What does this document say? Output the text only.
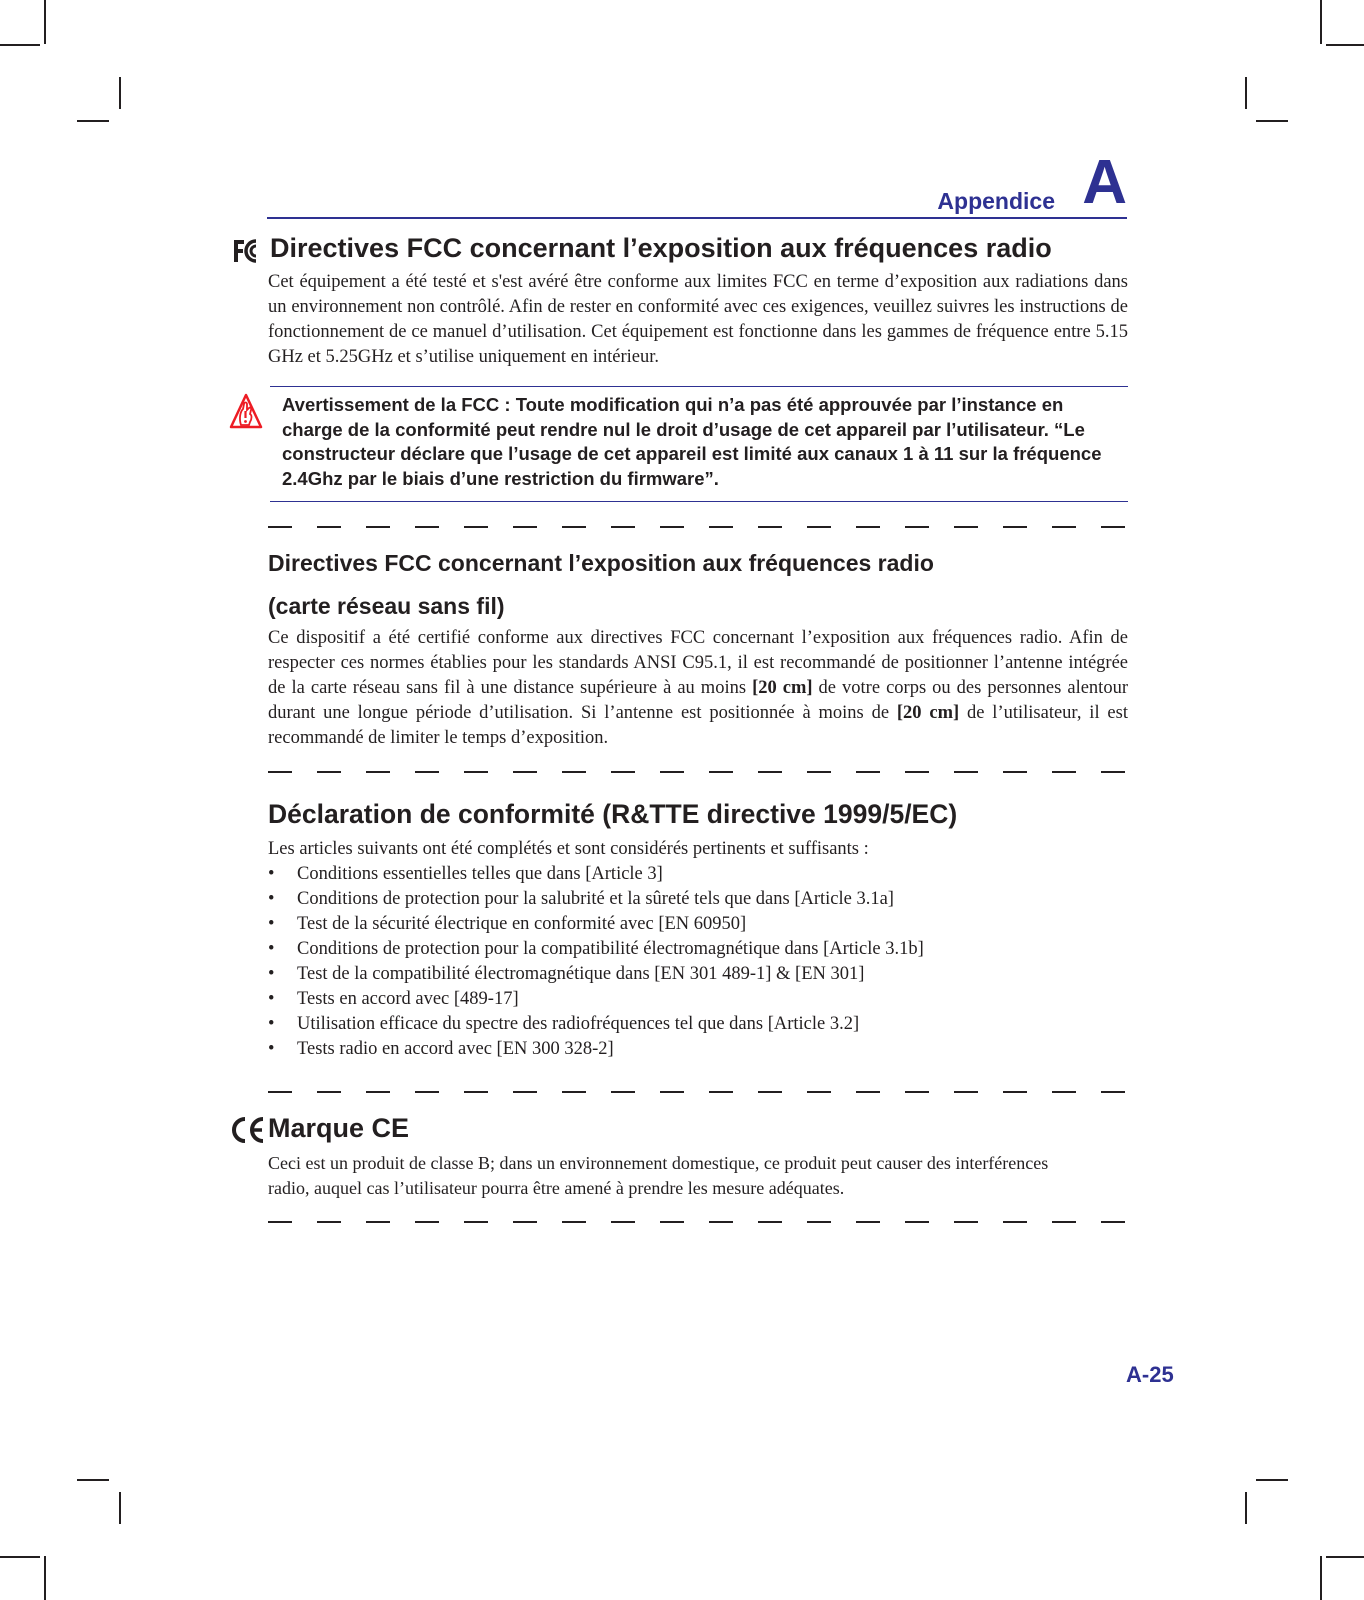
Appendice A
Directives FCC concernant l’exposition aux fréquences radio

Cet équipement a été testé et s'est avéré être conforme aux limites FCC en terme d’exposition aux radiations dans un environnement non contrôlé. Afin de rester en conformité avec ces exigences, veuillez suivres les instructions de fonctionnement de ce manuel d’utilisation. Cet équipement est fonctionne dans les gammes de fréquence entre 5.15 GHz et 5.25GHz et s’utilise uniquement en intérieur.

Avertissement de la FCC : Toute modification qui n’a pas été approuvée par l’instance en charge de la conformité peut rendre nul le droit d’usage de cet appareil par l’utilisateur. “Le constructeur déclare que l’usage de cet appareil est limité aux canaux 1 à 11 sur la fréquence 2.4Ghz par le biais d’une restriction du firmware”.

Directives FCC concernant l’exposition aux fréquences radio
(carte réseau sans fil)

Ce dispositif a été certifié conforme aux directives FCC concernant l’exposition aux fréquences radio. Afin de respecter ces normes établies pour les standards ANSI C95.1, il est recommandé de positionner l’antenne intégrée de la carte réseau sans fil à une distance supérieure à au moins [20 cm] de votre corps ou des personnes alentour durant une longue période d’utilisation. Si l’antenne est positionnée à moins de [20 cm] de l’utilisateur, il est recommandé de limiter le temps d’exposition.

Déclaration de conformité (R&TTE directive 1999/5/EC)

Les articles suivants ont été complétés et sont considérés pertinents et suffisants :

• Conditions essentielles telles que dans [Article 3]
• Conditions de protection pour la salubrité et la sûreté tels que dans [Article 3.1a]
• Test de la sécurité électrique en conformité avec [EN 60950]
• Conditions de protection pour la compatibilité électromagnétique dans [Article 3.1b]
• Test de la compatibilité électromagnétique dans [EN 301 489-1] & [EN 301]
• Tests en accord avec [489-17]
• Utilisation efficace du spectre des radiofréquences tel que dans [Article 3.2]
• Tests radio en accord avec [EN 300 328-2]
Marque CE

Ceci est un produit de classe B; dans un environnement domestique, ce produit peut causer des interférences radio, auquel cas l’utilisateur pourra être amené à prendre les mesure adéquates.

A-25
